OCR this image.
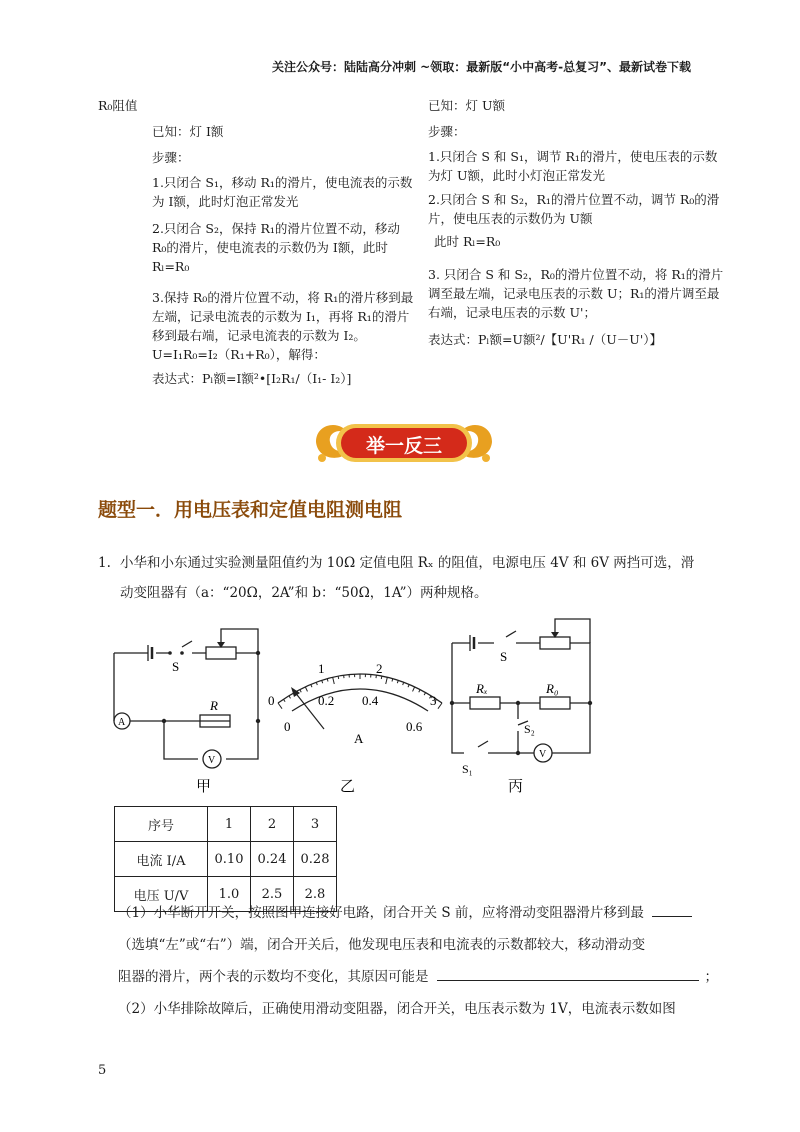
关注公众号：陆陆高分冲刺 ~领取：最新版“小中高考-总复习”、最新试卷下载

R₀阻值

已知：灯 I额

步骤：

1.只闭合 S₁，移动 R₁的滑片，使电流表的示数为 I额，此时灯泡正常发光

2.只闭合 S₂，保持 R₁的滑片位置不动，移动 R₀的滑片，使电流表的示数仍为 I额，此时 Rₗ=R₀

3.保持 R₀的滑片位置不动，将 R₁的滑片移到最左端，记录电流表的示数为 I₁，再将 R₁的滑片移到最右端，记录电流表的示数为 I₂。

U=I₁R₀=I₂（R₁+R₀），解得：

表达式：Pₗ额=I额²•[I₂R₁/（I₁- I₂）]

已知：灯 U额

步骤：

1.只闭合 S 和 S₁，调节 R₁的滑片，使电压表的示数为灯 U额，此时小灯泡正常发光

2.只闭合 S 和 S₂，R₁的滑片位置不动，调节 R₀的滑片，使电压表的示数仍为 U额

此时 Rₗ=R₀

3. 只闭合 S 和 S₂，R₀的滑片位置不动，将 R₁的滑片调至最左端，记录电压表的示数 U；R₁的滑片调至最右端，记录电压表的示数 U'；

表达式：Pₗ额=U额²/【U'R₁ /（U－U'）】

举一反三
题型一．用电压表和定值电阻测电阻
1. 小华和小东通过实验测量阻值约为 10Ω 定值电阻 Rₓ 的阻值，电源电压 4V 和 6V 两挡可选，滑
动变阻器有（a：“20Ω，2A”和 b：“50Ω，1A”）两种规格。
S
R
A
V
甲
0
1	2
3
0
0.2 0.4
0.6
A
乙
S
Rₓ	R₀
S₂
S₁
V
丙
序号	1	2	3
电流 I/A	0.10	0.24	0.28
电压 U/V	1.0	2.5	2.8
（1）小华断开开关，按照图甲连接好电路，闭合开关 S 前，应将滑动变阻器滑片移到最
（选填“左”或“右”）端，闭合开关后，他发现电压表和电流表的示数都较大，移动滑动变
阻器的滑片，两个表的示数均不变化，其原因可能是	；
（2）小华排除故障后，正确使用滑动变阻器，闭合开关，电压表示数为 1V，电流表示数如图
5
